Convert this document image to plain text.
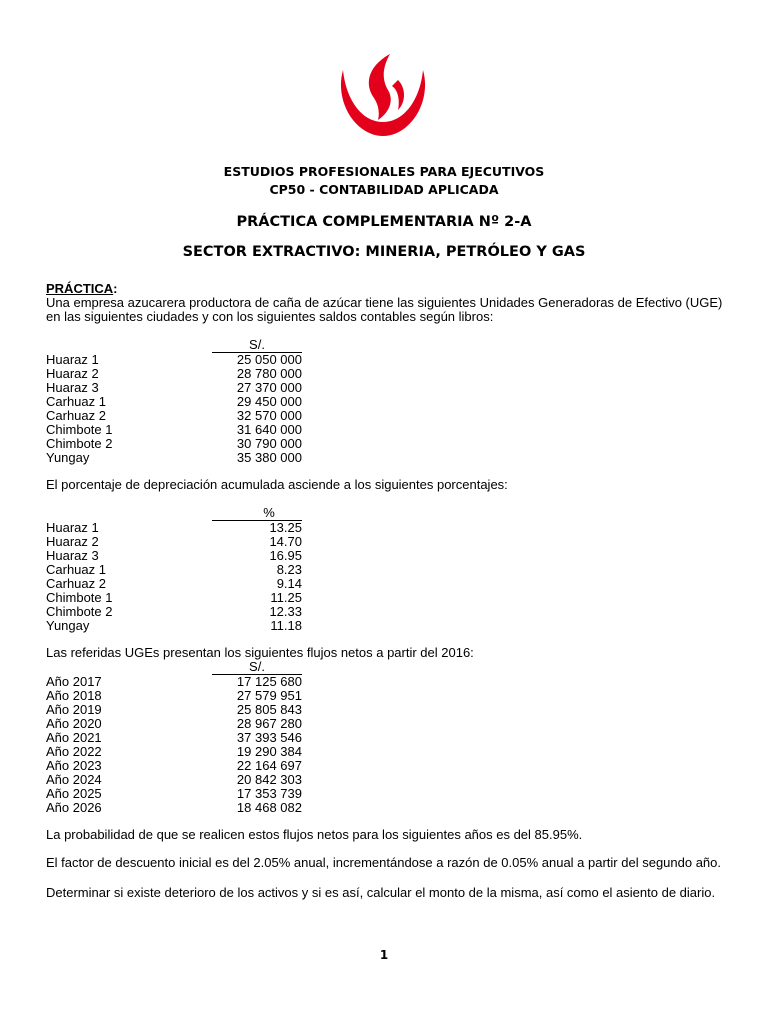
ESTUDIOS PROFESIONALES PARA EJECUTIVOS
CP50 - CONTABILIDAD APLICADA
PRÁCTICA COMPLEMENTARIA Nº 2-A
SECTOR EXTRACTIVO: MINERIA, PETRÓLEO Y GAS
PRÁCTICA:
Una empresa azucarera productora de caña de azúcar tiene las siguientes Unidades Generadoras de Efectivo (UGE) en las siguientes ciudades y con los siguientes saldos contables según libros:
	S/.
Huaraz 1	25 050 000
Huaraz 2	28 780 000
Huaraz 3	27 370 000
Carhuaz 1	29 450 000
Carhuaz 2	32 570 000
Chimbote 1	31 640 000
Chimbote 2	30 790 000
Yungay	35 380 000
El porcentaje de depreciación acumulada asciende a los siguientes porcentajes:
	%
Huaraz 1	13.25
Huaraz 2	14.70
Huaraz 3	16.95
Carhuaz 1	8.23
Carhuaz 2	9.14
Chimbote 1	11.25
Chimbote 2	12.33
Yungay	11.18
Las referidas UGEs presentan los siguientes flujos netos a partir del 2016:
	S/.
Año 2017	17 125 680
Año 2018	27 579 951
Año 2019	25 805 843
Año 2020	28 967 280
Año 2021	37 393 546
Año 2022	19 290 384
Año 2023	22 164 697
Año 2024	20 842 303
Año 2025	17 353 739
Año 2026	18 468 082
La probabilidad de que se realicen estos flujos netos para los siguientes años es del 85.95%.
El factor de descuento inicial es del 2.05% anual, incrementándose a razón de 0.05% anual a partir del segundo año.
Determinar si existe deterioro de los activos y si es así, calcular el monto de la misma, así como el asiento de diario.
1
